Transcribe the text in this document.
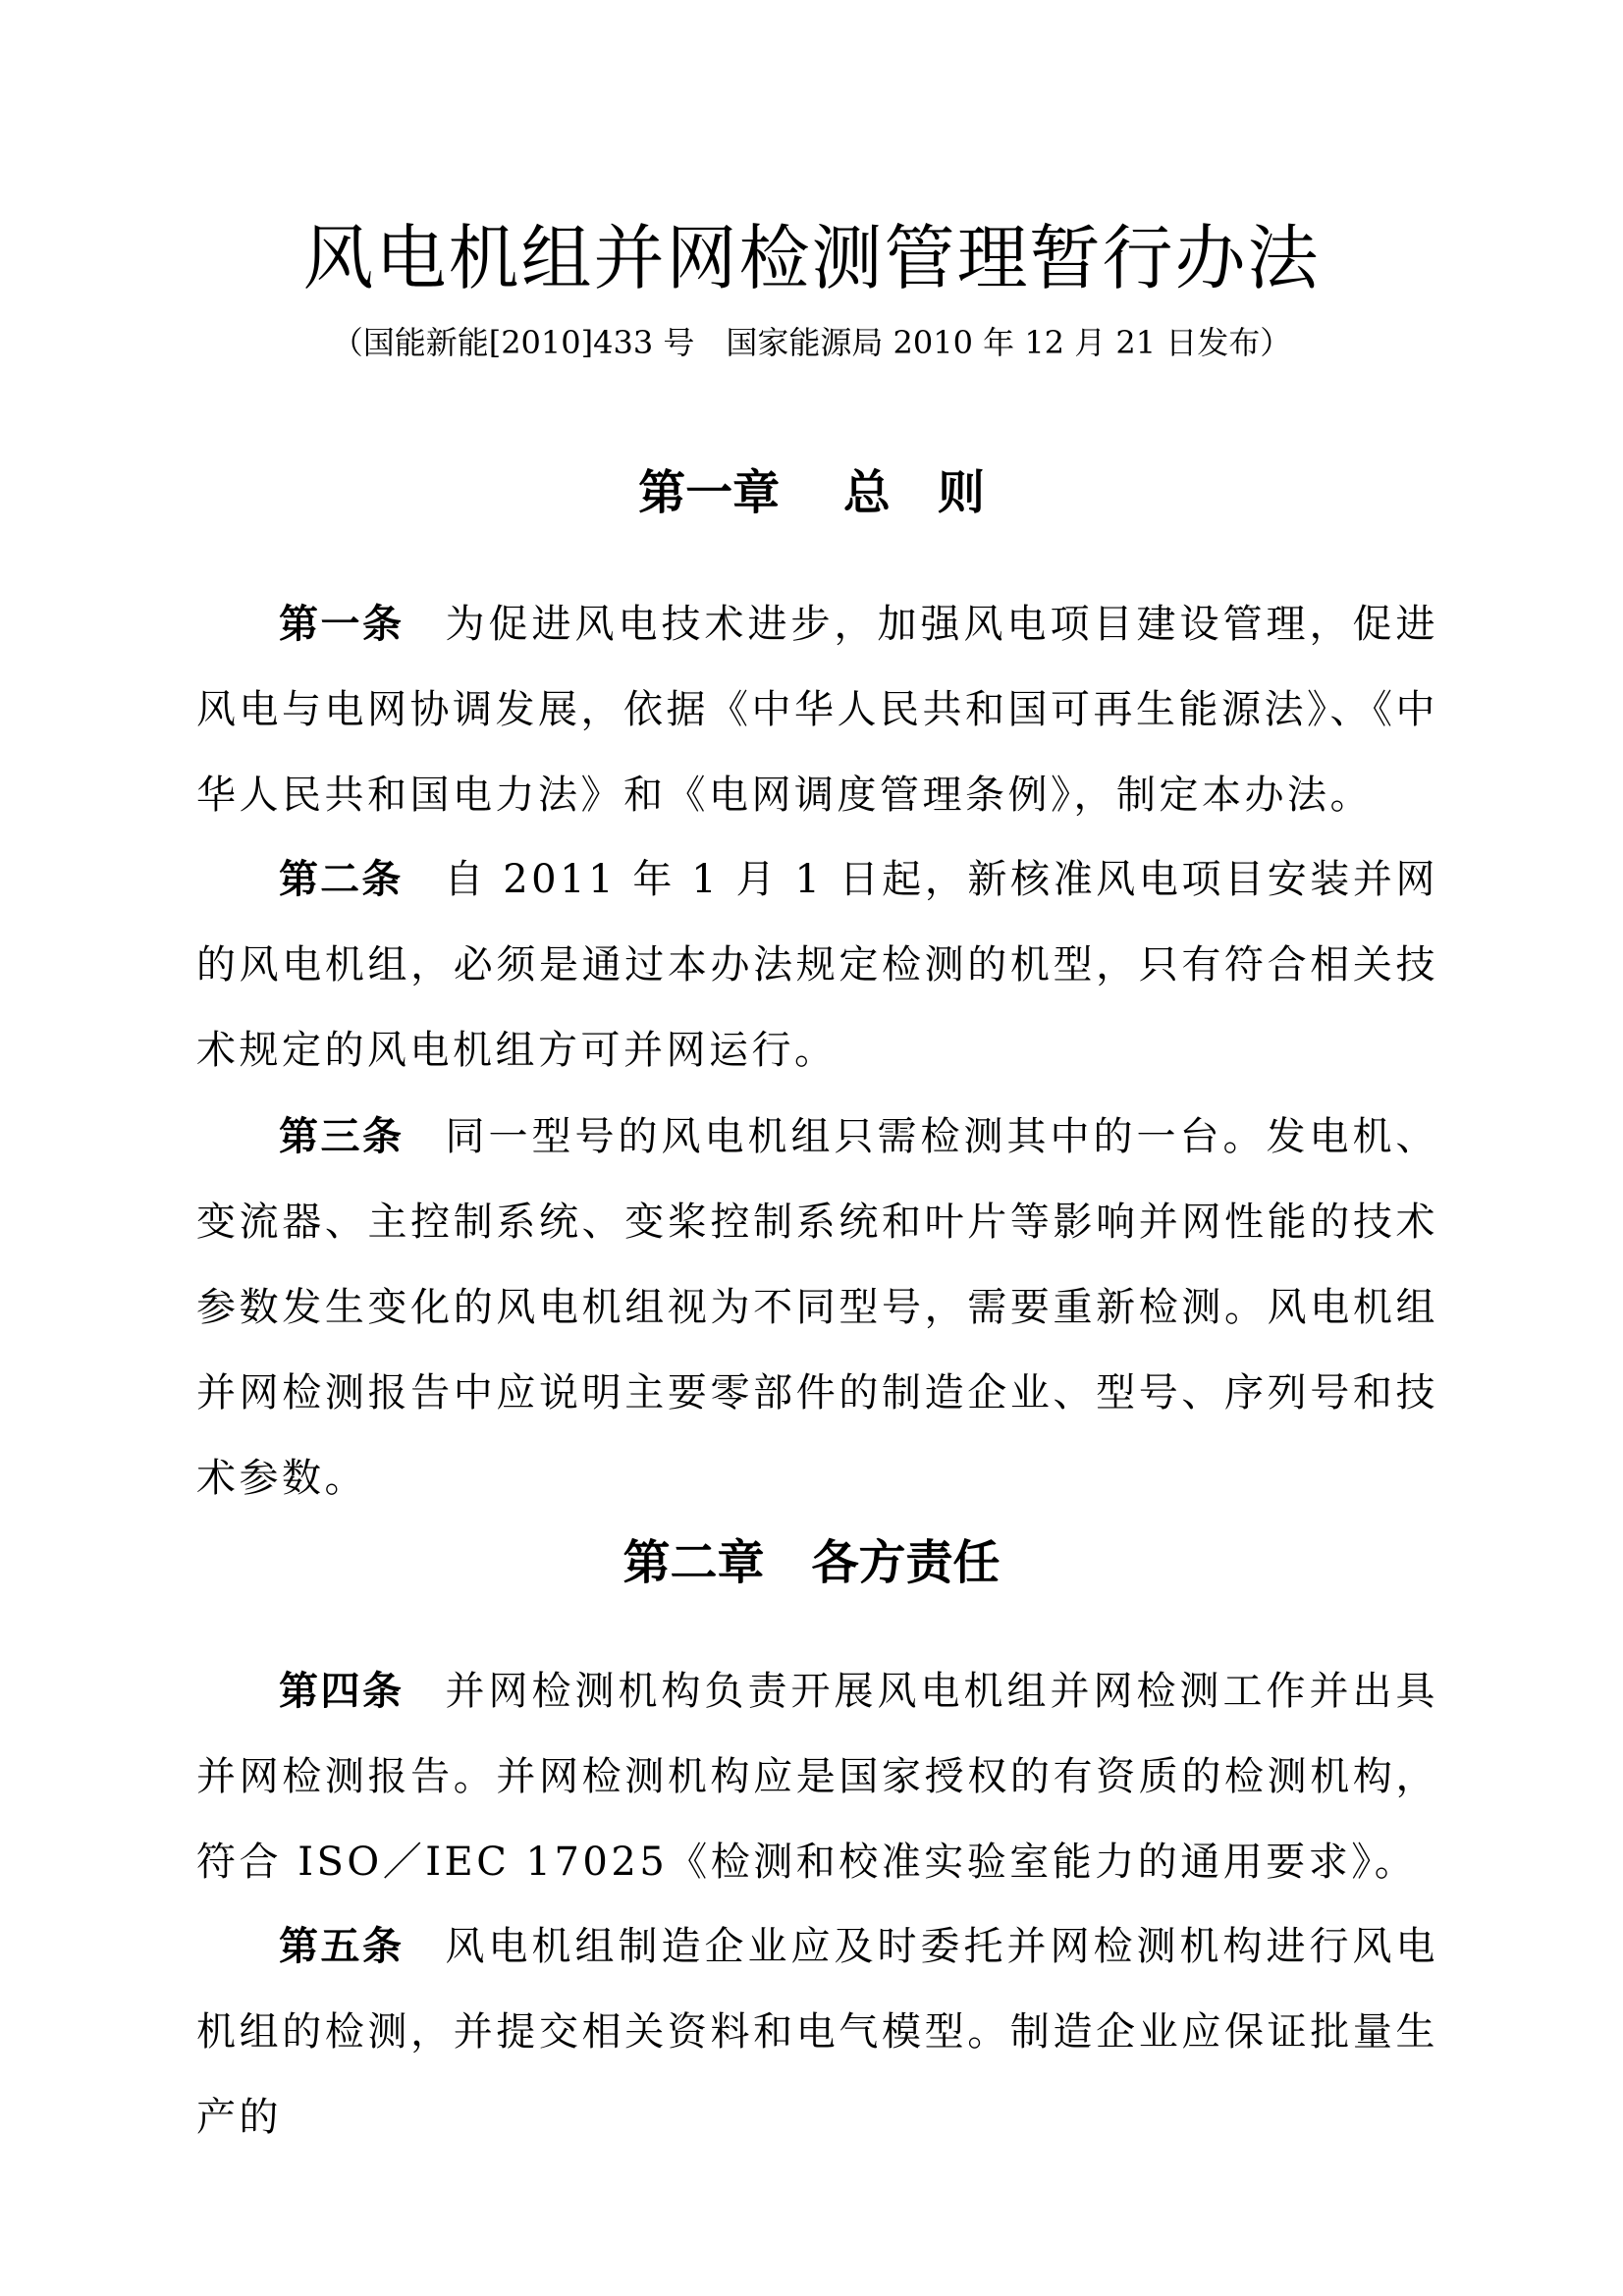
风电机组并网检测管理暂行办法

（国能新能[2010]433 号　国家能源局 2010 年 12 月 21 日发布）

第一章　 总　则

第一条 为促进风电技术进步，加强风电项目建设管理，促进风电与电网协调发展，依据《中华人民共和国可再生能源法》、《中华人民共和国电力法》和《电网调度管理条例》，制定本办法。

第二条 自 2011 年 1 月 1 日起，新核准风电项目安装并网的风电机组，必须是通过本办法规定检测的机型，只有符合相关技术规定的风电机组方可并网运行。

第三条 同一型号的风电机组只需检测其中的一台。发电机、变流器、主控制系统、变桨控制系统和叶片等影响并网性能的技术参数发生变化的风电机组视为不同型号，需要重新检测。风电机组并网检测报告中应说明主要零部件的制造企业、型号、序列号和技术参数。

第二章　各方责任

第四条 并网检测机构负责开展风电机组并网检测工作并出具并网检测报告。并网检测机构应是国家授权的有资质的检测机构，符合 ISO／IEC 17025《检测和校准实验室能力的通用要求》。

第五条 风电机组制造企业应及时委托并网检测机构进行风电机组的检测，并提交相关资料和电气模型。制造企业应保证批量生产的
